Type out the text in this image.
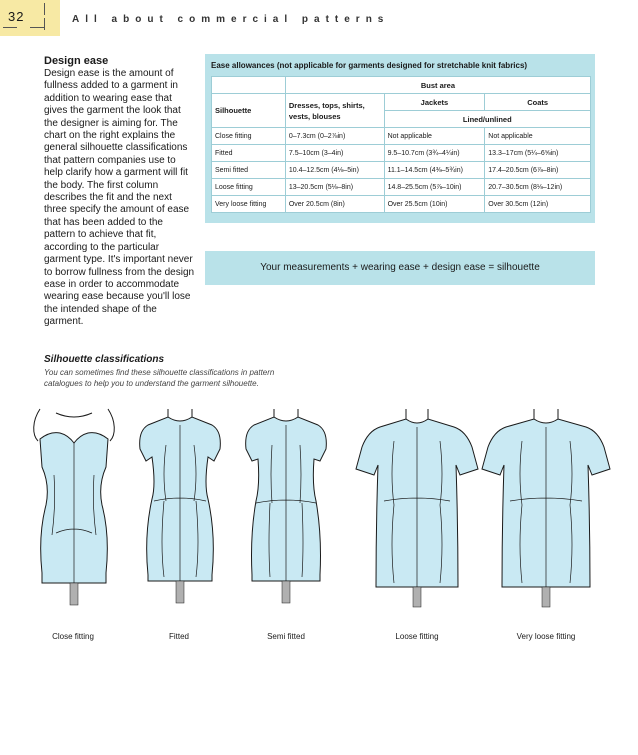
32	All about commercial patterns
Design ease

Design ease is the amount of fullness added to a garment in addition to wearing ease that gives the garment the look that the designer is aiming for. The chart on the right explains the general silhouette classifications that pattern companies use to help clarify how a garment will fit the body. The first column describes the fit and the next three specify the amount of ease that has been added to the pattern to achieve that fit, according to the particular garment type. It's important never to borrow fullness from the design ease in order to accommodate wearing ease because you'll lose the intended shape of the garment.

Ease allowances (not applicable for garments designed for stretchable knit fabrics)
	Bust area		
Silhouette	Dresses, tops, shirts, vests, blouses	Jackets	Coats
		Lined/unlined	
Close fitting	0–7.3cm (0–2⅞in)	Not applicable	Not applicable
Fitted	7.5–10cm (3–4in)	9.5–10.7cm (3¾–4¼in)	13.3–17cm (5¼–6⅝in)
Semi fitted	10.4–12.5cm (4⅛–5in)	11.1–14.5cm (4⅜–5¾in)	17.4–20.5cm (6⅞–8in)
Loose fitting	13–20.5cm (5⅛–8in)	14.8–25.5cm (5⅞–10in)	20.7–30.5cm (8⅛–12in)
Very loose fitting	Over 20.5cm (8in)	Over 25.5cm (10in)	Over 30.5cm (12in)
Your measurements + wearing ease + design ease = silhouette
Silhouette classifications

You can sometimes find these silhouette classifications in pattern catalogues to help you to understand the garment silhouette.

Close fitting	Fitted	Semi fitted	Loose fitting	Very loose fitting
